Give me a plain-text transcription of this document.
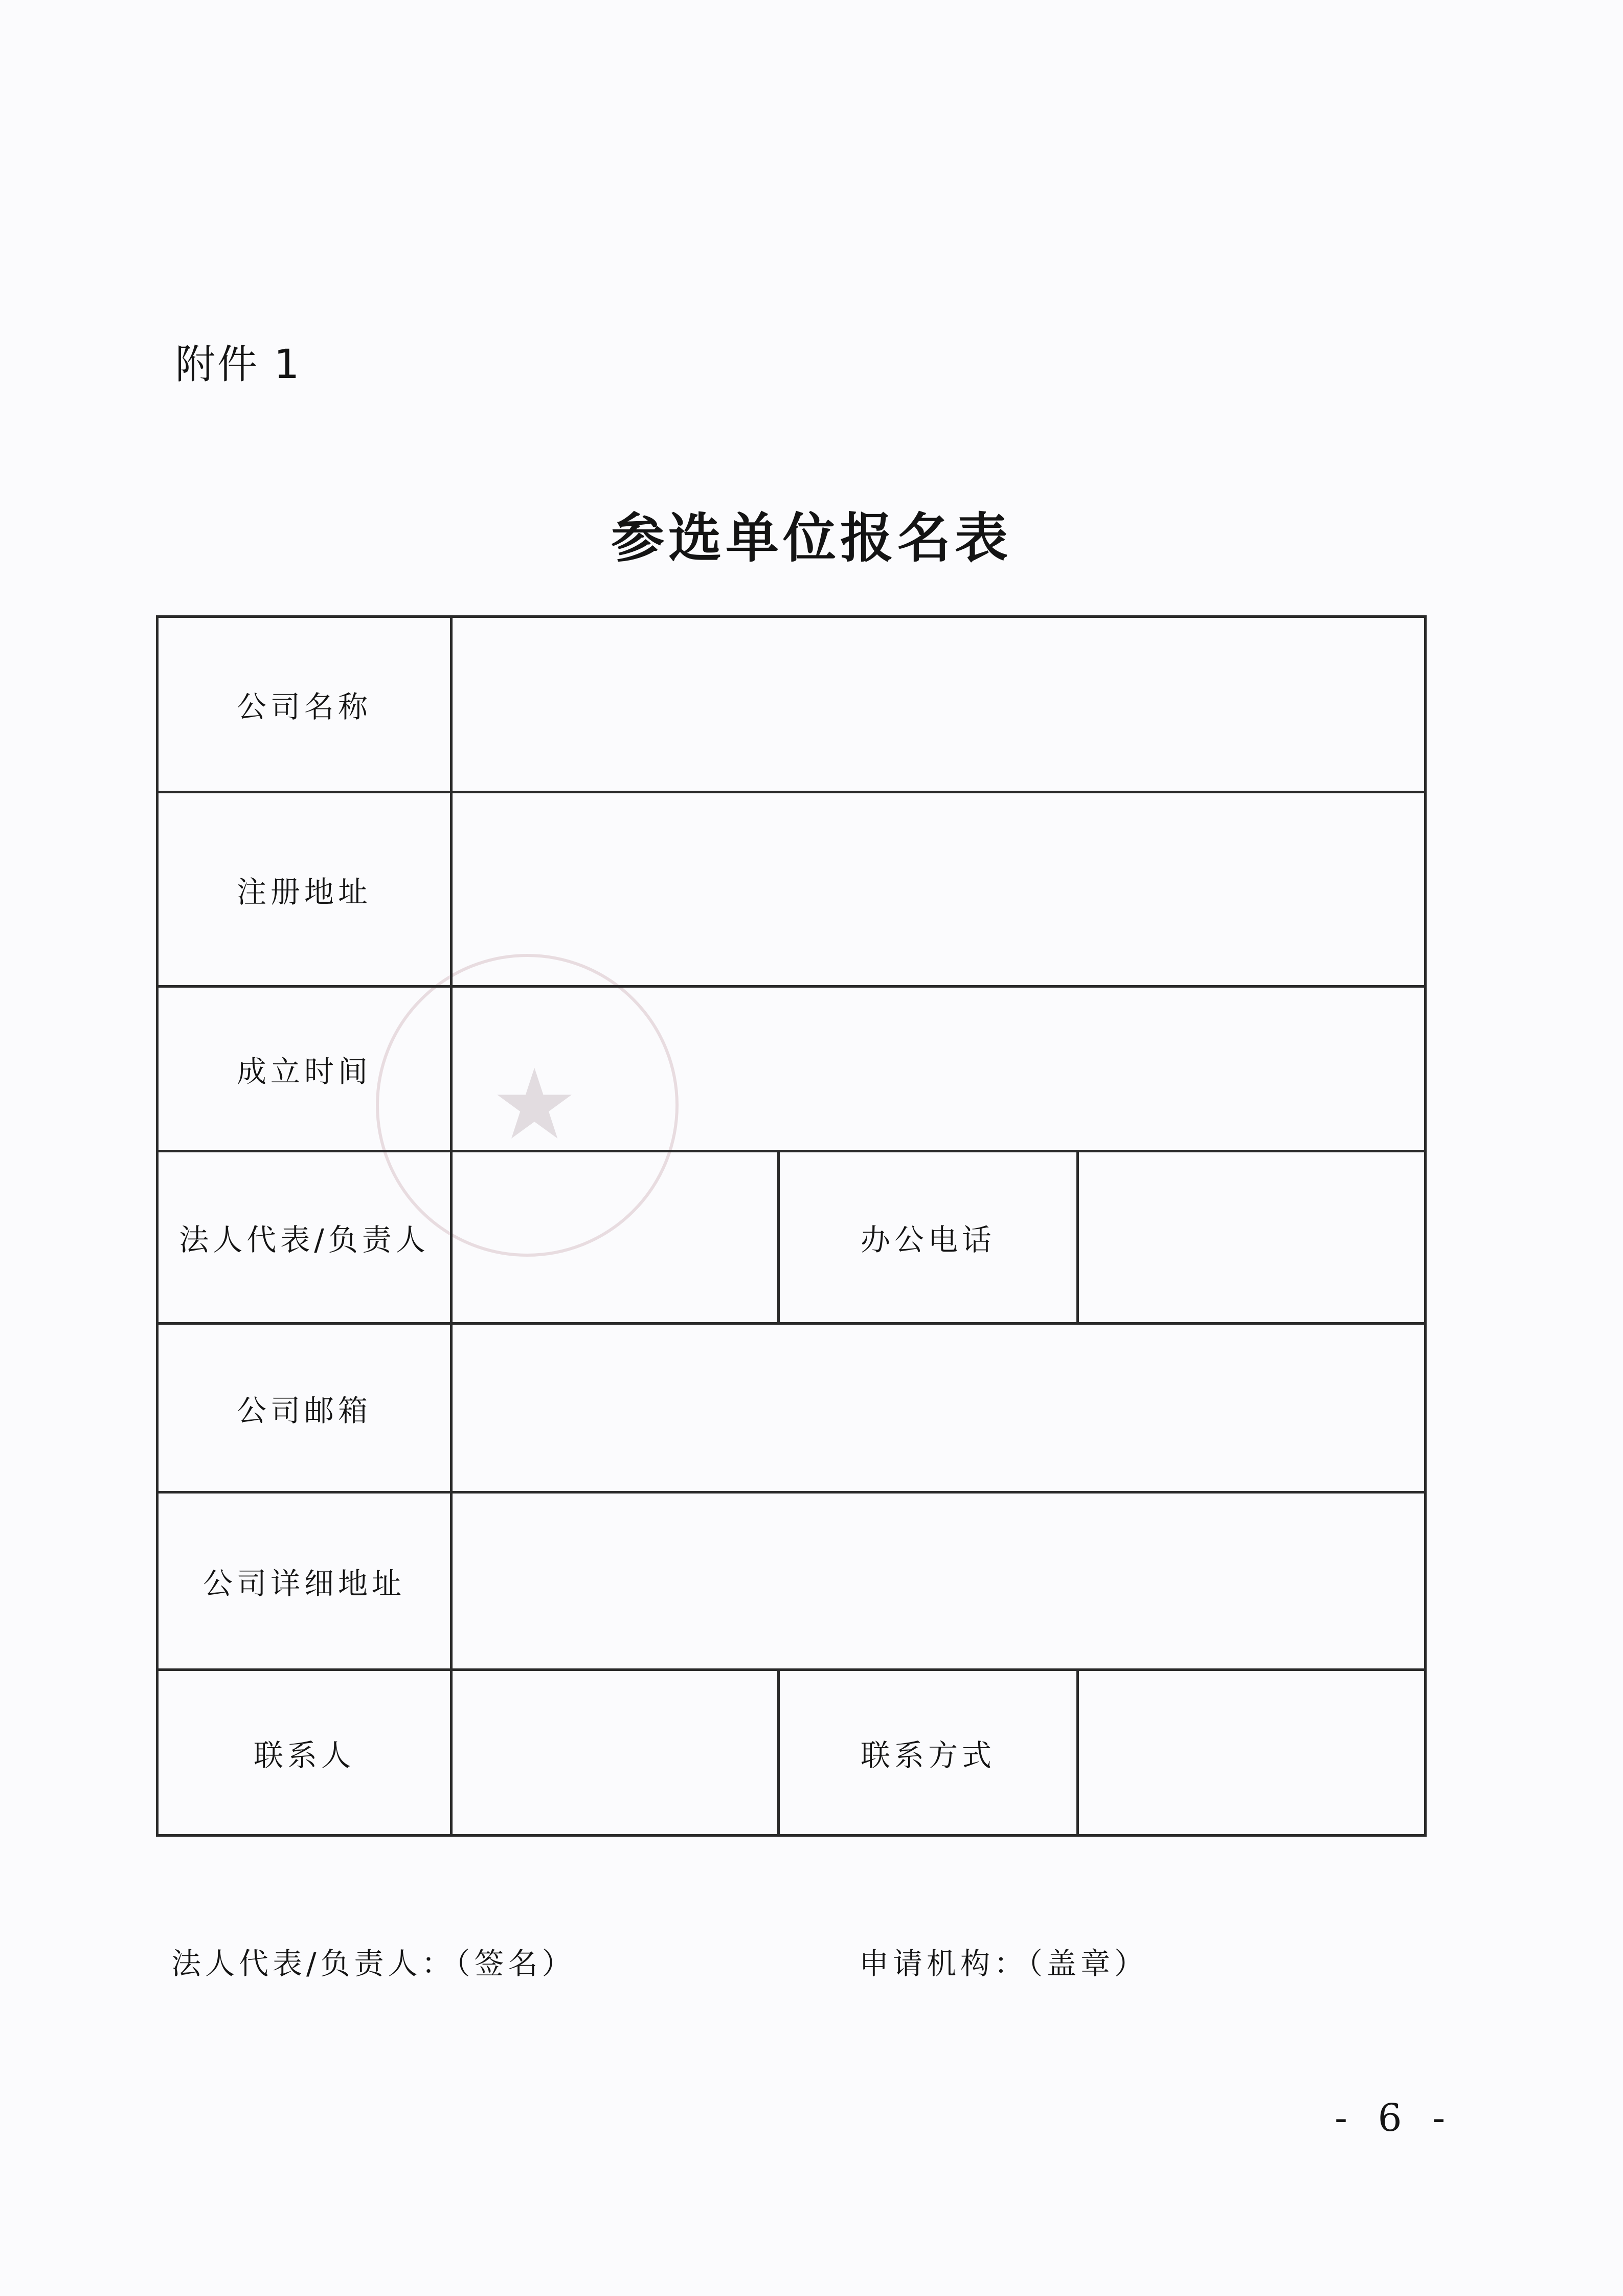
附件 1
参选单位报名表
★
公司名称			
注册地址			
成立时间			
法人代表/负责人		办公电话	
公司邮箱			
公司详细地址			
联系人		联系方式	
法人代表/负责人：（签名）	申请机构：（盖章）
- 6 -
